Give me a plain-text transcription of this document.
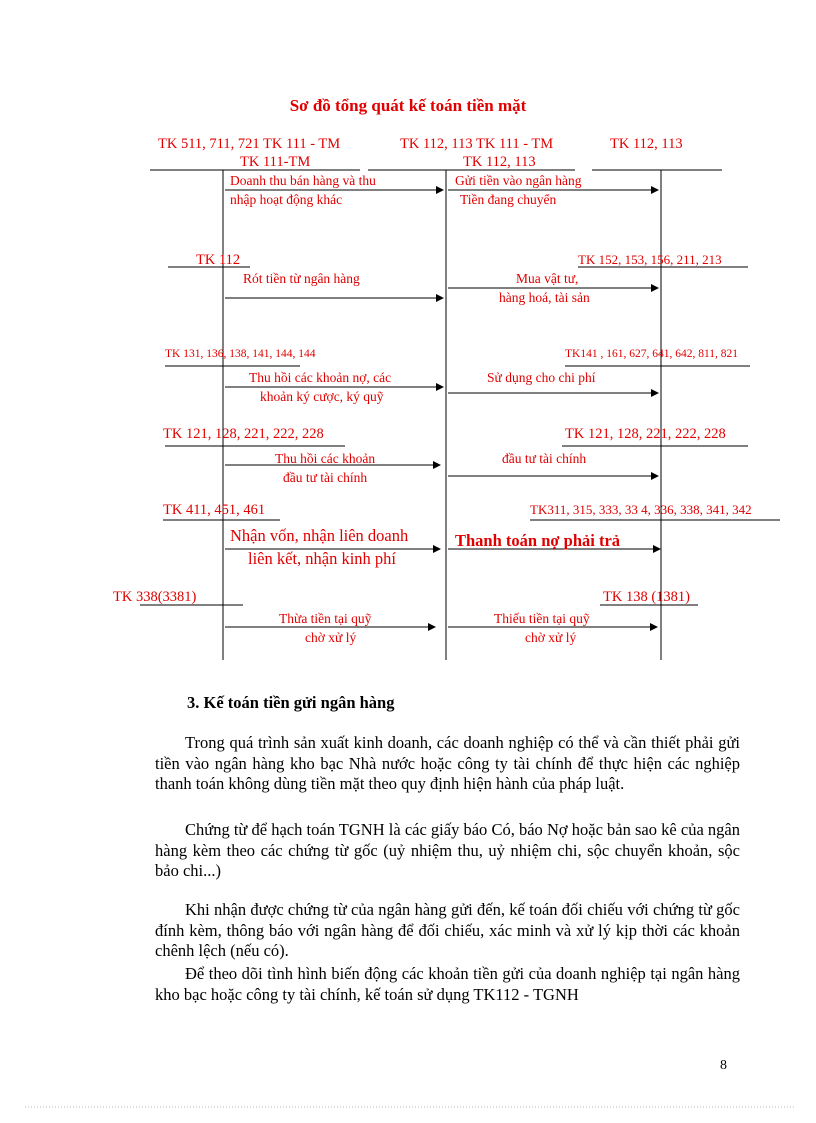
Sơ đồ tổng quát kế toán tiền mặt
TK 511, 711, 721 TK 111 - TM	TK 112, 113 TK 111 - TM	TK 112, 113
TK 111-TM	TK 112, 113
Doanh thu bán hàng và thu
nhập hoạt động khác
Gửi tiền vào ngân hàng
Tiền đang chuyển
TK 112	TK 152, 153, 156, 211, 213
Rót tiền từ ngân hàng	Mua vật tư,
hàng hoá, tài sản
TK 131, 136, 138, 141, 144, 144	TK141 , 161, 627, 641, 642, 811, 821
Thu hồi các khoản nợ, các
khoản ký cược, ký quỹ
Sử dụng cho chi phí
TK 121, 128, 221, 222, 228	TK 121, 128, 221, 222, 228
Thu hồi các khoản
đầu tư tài chính
đầu tư tài chính
TK 411, 451, 461	TK311, 315, 333, 33 4, 336, 338, 341, 342
Nhận vốn, nhận liên doanh
liên kết, nhận kinh phí
Thanh toán nợ phải trả
TK 338(3381)	TK 138 (1381)
Thừa tiền tại quỹ
chờ xử lý
Thiếu tiền tại quỹ
chờ xử lý
3. Kế toán tiền gửi ngân hàng
Trong quá trình sản xuất kinh doanh, các doanh nghiệp có thể và cần thiết phải gửi tiền vào ngân hàng kho bạc Nhà nước hoặc công ty tài chính để thực hiện các nghiệp thanh toán không dùng tiền mặt theo quy định hiện hành của pháp luật.
Chứng từ để hạch toán TGNH là các giấy báo Có, báo Nợ hoặc bản sao kê của ngân hàng kèm theo các chứng từ gốc (uỷ nhiệm thu, uỷ nhiệm chi, sộc chuyển khoản, sộc bảo chi...)
Khi nhận được chứng từ của ngân hàng gửi đến, kế toán đối chiếu với chứng từ gốc đính kèm, thông báo với ngân hàng để đối chiếu, xác minh và xử lý kịp thời các khoản chênh lệch (nếu có).
Để theo dõi tình hình biến động các khoản tiền gửi của doanh nghiệp tại ngân hàng kho bạc hoặc công ty tài chính, kế toán sử dụng TK112 - TGNH
8
